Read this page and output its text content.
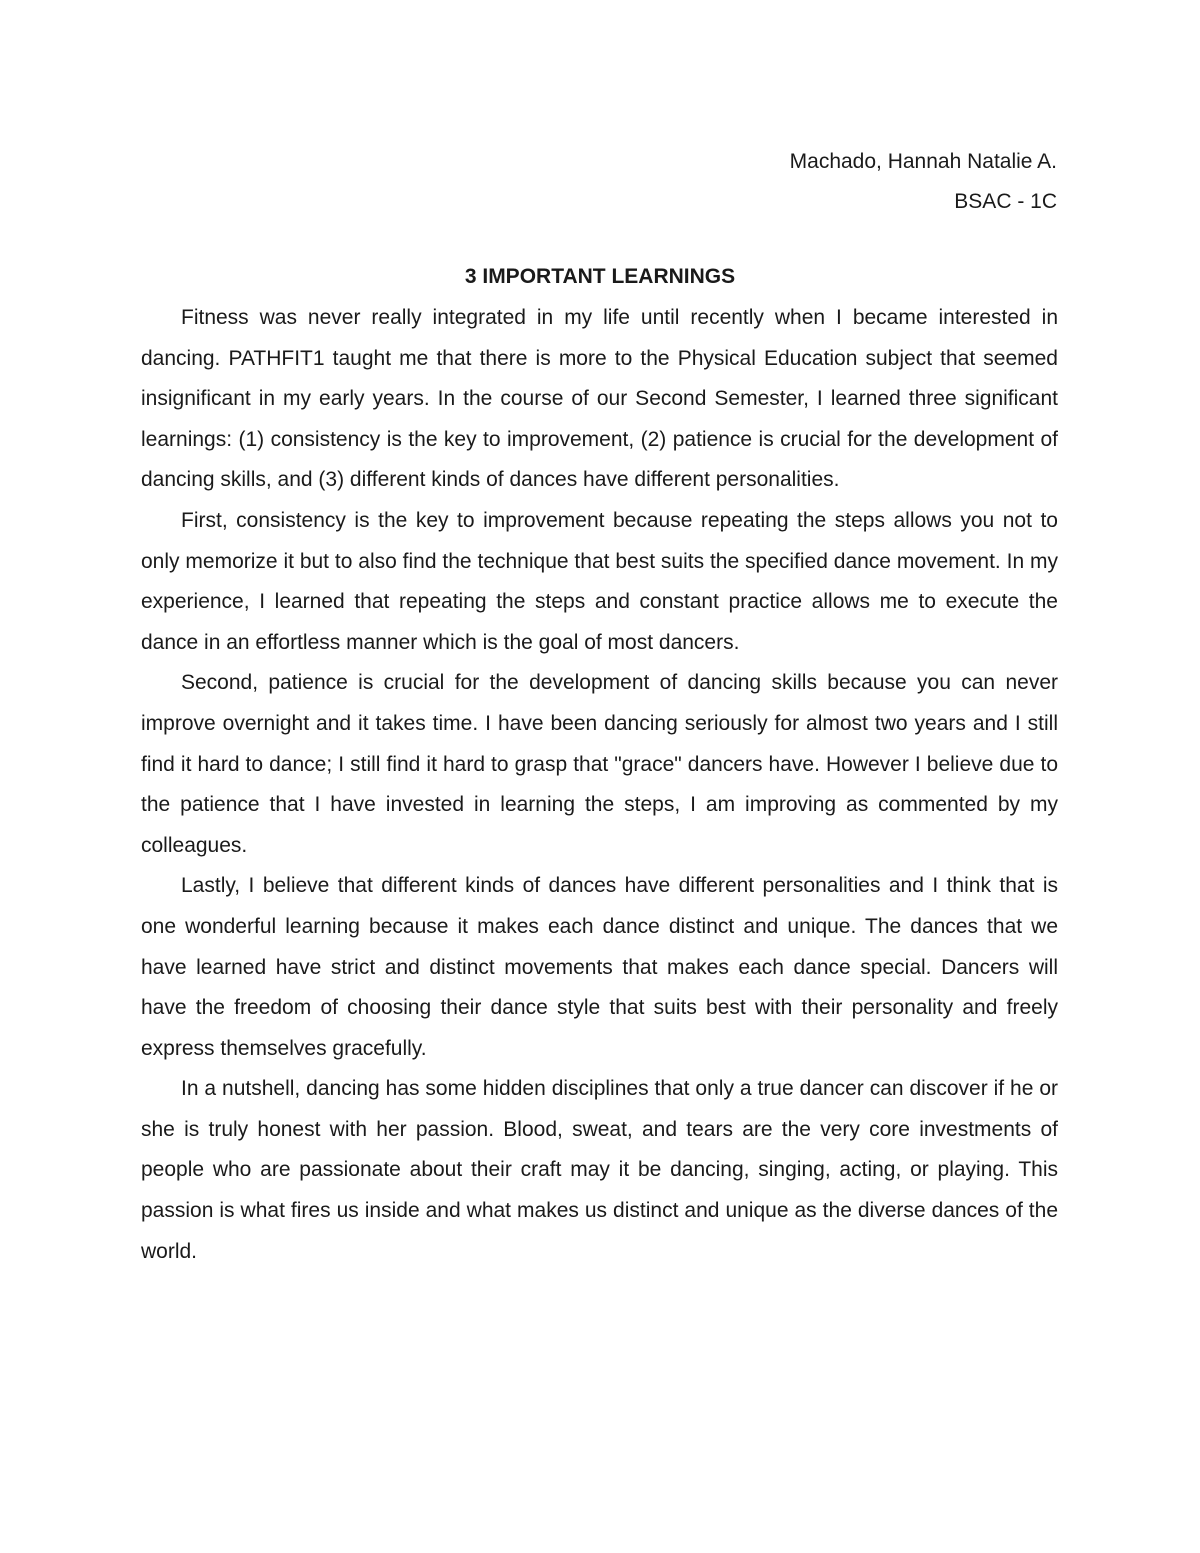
Machado, Hannah Natalie A.
BSAC - 1C
3 IMPORTANT LEARNINGS

Fitness was never really integrated in my life until recently when I became interested in dancing. PATHFIT1 taught me that there is more to the Physical Education subject that seemed insignificant in my early years. In the course of our Second Semester, I learned three significant learnings: (1) consistency is the key to improvement, (2) patience is crucial for the development of dancing skills, and (3) different kinds of dances have different personalities.

First, consistency is the key to improvement because repeating the steps allows you not to only memorize it but to also find the technique that best suits the specified dance movement. In my experience, I learned that repeating the steps and constant practice allows me to execute the dance in an effortless manner which is the goal of most dancers.

Second, patience is crucial for the development of dancing skills because you can never improve overnight and it takes time. I have been dancing seriously for almost two years and I still find it hard to dance; I still find it hard to grasp that "grace" dancers have. However I believe due to the patience that I have invested in learning the steps, I am improving as commented by my colleagues.

Lastly, I believe that different kinds of dances have different personalities and I think that is one wonderful learning because it makes each dance distinct and unique. The dances that we have learned have strict and distinct movements that makes each dance special. Dancers will have the freedom of choosing their dance style that suits best with their personality and freely express themselves gracefully.

In a nutshell, dancing has some hidden disciplines that only a true dancer can discover if he or she is truly honest with her passion. Blood, sweat, and tears are the very core investments of people who are passionate about their craft may it be dancing, singing, acting, or playing. This passion is what fires us inside and what makes us distinct and unique as the diverse dances of the world.
